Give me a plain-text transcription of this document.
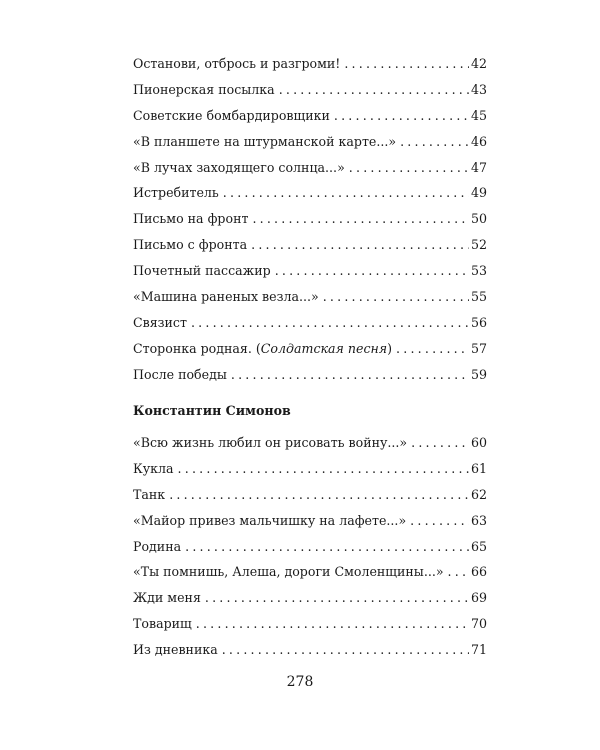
Останови, отбрось и разгроми! .....	42
Пионерская посылка .....	43
Советские бомбардировщики .....	45
«В планшете на штурманской карте...» .....	46
«В лучах заходящего солнца...» .....	47
Истребитель .....	49
Письмо на фронт .....	50
Письмо с фронта .....	52
Почетный пассажир .....	53
«Машина раненых везла...» .....	55
Связист .....	56
Сторонка родная. (Солдатская песня) .....	57
После победы .....	59
Константин Симонов
«Всю жизнь любил он рисовать войну...» .....	60
Кукла .....	61
Танк .....	62
«Майор привез мальчишку на лафете...» .....	63
Родина .....	65
«Ты помнишь, Алеша, дороги Смоленщины...» ..... 66
Жди меня .....	69
Товарищ .....	70
Из дневника .....	71
278
